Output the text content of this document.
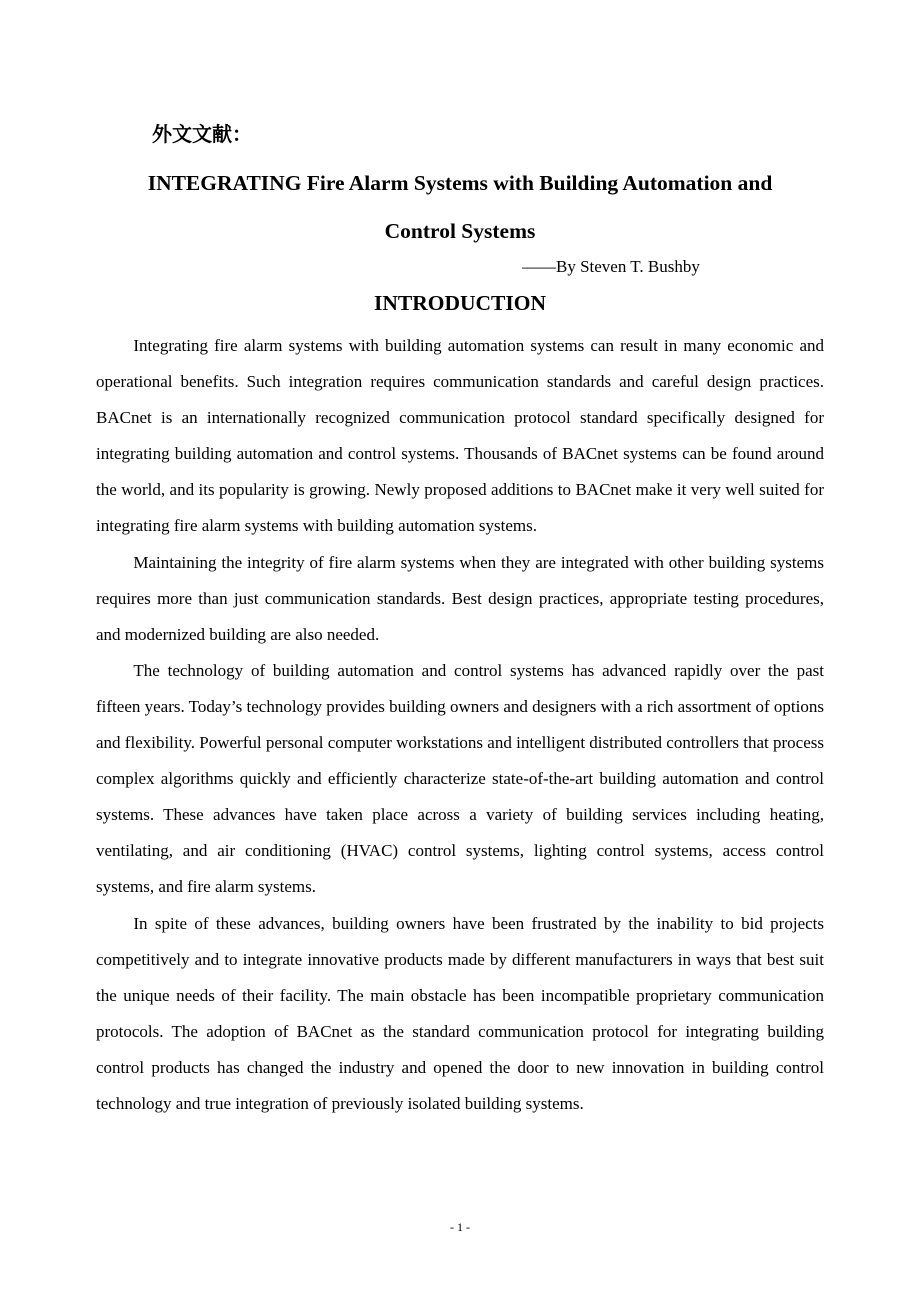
外文文献：
INTEGRATING Fire Alarm Systems with Building Automation and
Control Systems
——By Steven T. Bushby
INTRODUCTION

Integrating fire alarm systems with building automation systems can result in many economic and operational benefits. Such integration requires communication standards and careful design practices. BACnet is an internationally recognized communication protocol standard specifically designed for integrating building automation and control systems. Thousands of BACnet systems can be found around the world, and its popularity is growing. Newly proposed additions to BACnet make it very well suited for integrating fire alarm systems with building automation systems.

Maintaining the integrity of fire alarm systems when they are integrated with other building systems requires more than just communication standards. Best design practices, appropriate testing procedures, and modernized building are also needed.

The technology of building automation and control systems has advanced rapidly over the past fifteen years. Today’s technology provides building owners and designers with a rich assortment of options and flexibility. Powerful personal computer workstations and intelligent distributed controllers that process complex algorithms quickly and efficiently characterize state-of-the-art building automation and control systems. These advances have taken place across a variety of building services including heating, ventilating, and air conditioning (HVAC) control systems, lighting control systems, access control systems, and fire alarm systems.

In spite of these advances, building owners have been frustrated by the inability to bid projects competitively and to integrate innovative products made by different manufacturers in ways that best suit the unique needs of their facility. The main obstacle has been incompatible proprietary communication protocols. The adoption of BACnet as the standard communication protocol for integrating building control products has changed the industry and opened the door to new innovation in building control technology and true integration of previously isolated building systems.

- 1 -
